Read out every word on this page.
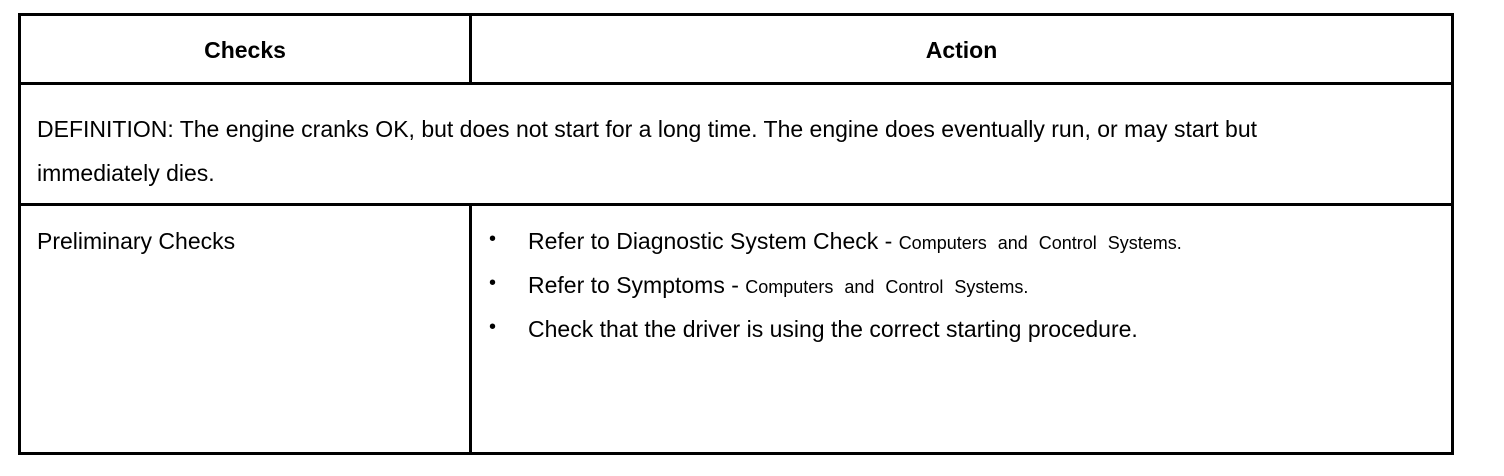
Checks	Action
DEFINITION: The engine cranks OK, but does not start for a long time. The engine does eventually run, or may start but immediately dies.
Preliminary Checks	• Refer to Diagnostic System Check - Computers and Control Systems.
• Refer to Symptoms - Computers and Control Systems.
• Check that the driver is using the correct starting procedure.
